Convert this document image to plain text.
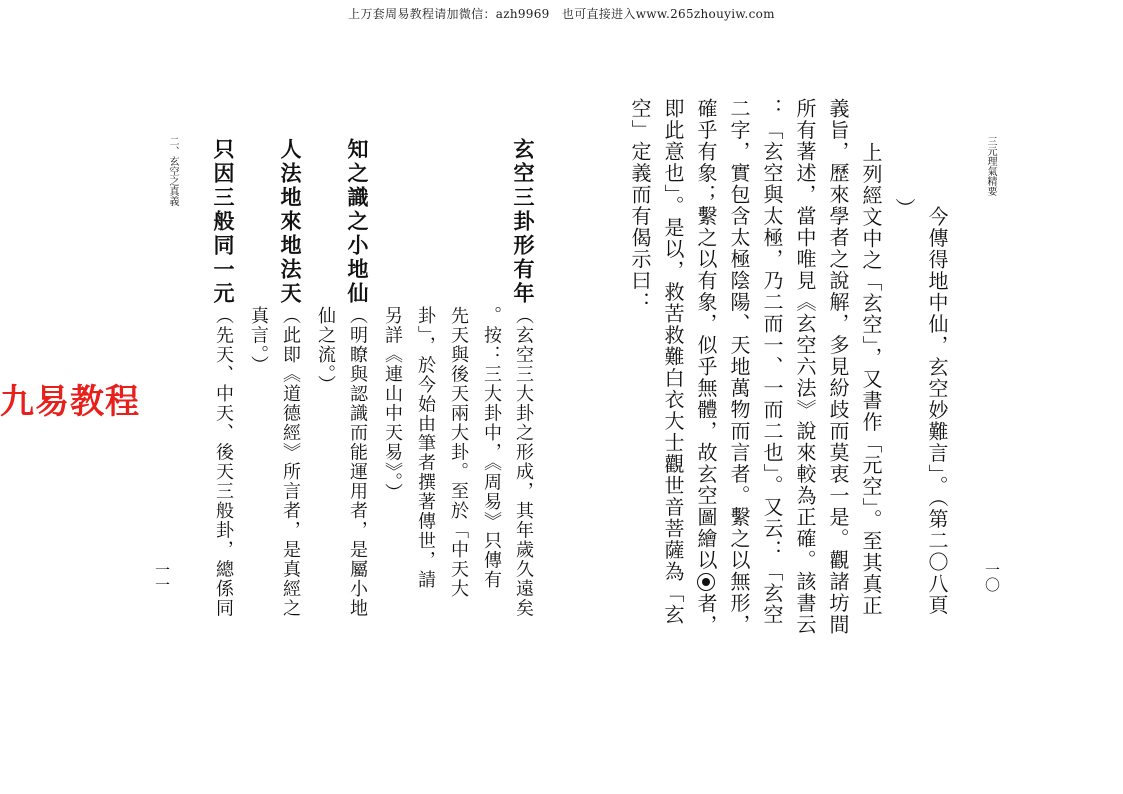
上万套周易教程请加微信：azh9969　也可直接进入www.265zhouyiw.com
九易教程
三元理氣精要
一〇
今傳得地中仙，玄空妙難言」。（第二〇八頁
）
上列經文中之「玄空」，又書作「元空」。至其真正
義旨，歷來學者之說解，多見紛歧而莫衷一是。觀諸坊間
所有著述，當中唯見《玄空六法》說來較為正確。該書云
：「玄空與太極，乃二而一、一而二也」。又云：「玄空
二字，實包含太極陰陽、天地萬物而言者。繫之以無形，
確乎有象；繫之以有象，似乎無體，故玄空圖繪以者，
即此意也」。是以，救苦救難白衣大士觀世音菩薩為「玄
空」定義而有偈示曰：
二、玄空之真義
一一
玄空三卦形有年（玄空三大卦之形成，其年歲久遠矣
。按：三大卦中，《周易》只傳有
先天與後天兩大卦。至於「中天大
卦」，於今始由筆者撰著傳世，請
另詳《連山中天易》。）
知之識之小地仙（明瞭與認識而能運用者，是屬小地
仙之流。）
人法地來地法天（此即《道德經》所言者，是真經之
真言。）
只因三般同一元（先天、中天、後天三般卦，總係同
